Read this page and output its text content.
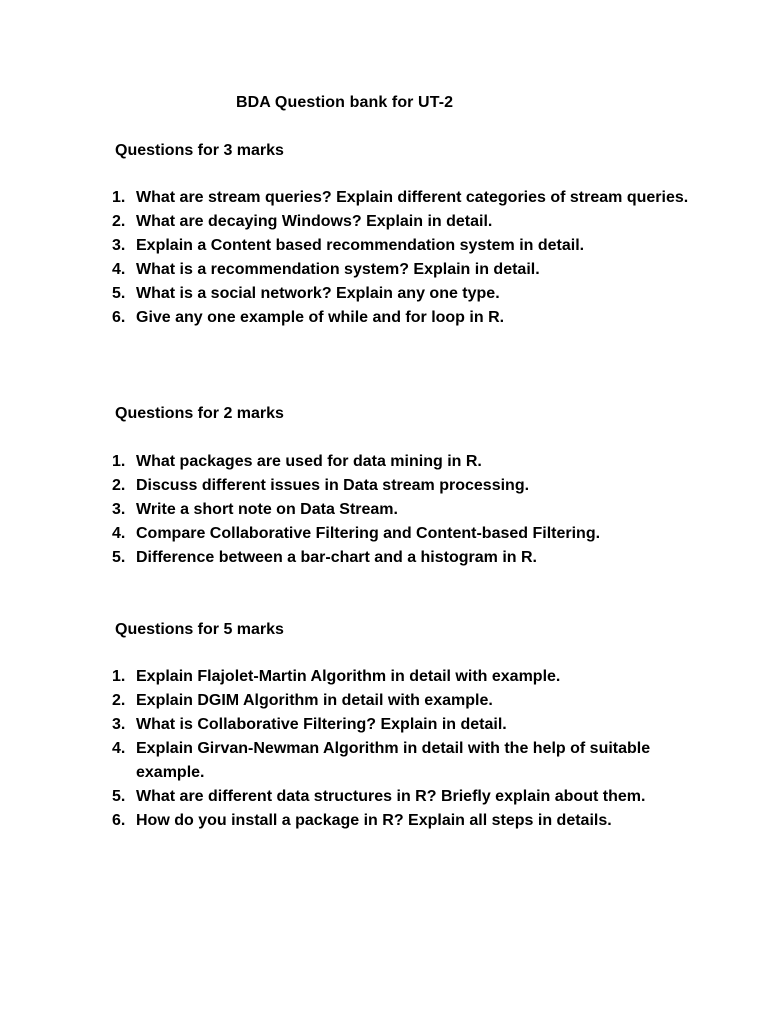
BDA Question bank for UT-2
Questions for 3 marks
1. What are stream queries? Explain different categories of stream queries.
2. What are decaying Windows? Explain in detail.
3. Explain a Content based recommendation system in detail.
4. What is a recommendation system? Explain in detail.
5. What is a social network? Explain any one type.
6. Give any one example of while and for loop in R.
Questions for 2 marks
1. What packages are used for data mining in R.
2. Discuss different issues in Data stream processing.
3. Write a short note on Data Stream.
4. Compare Collaborative Filtering and Content-based Filtering.
5. Difference between a bar-chart and a histogram in R.
Questions for 5 marks
1. Explain Flajolet-Martin Algorithm in detail with example.
2. Explain DGIM Algorithm in detail with example.
3. What is Collaborative Filtering? Explain in detail.
4. Explain Girvan-Newman Algorithm in detail with the help of suitable example.
5. What are different data structures in R? Briefly explain about them.
6. How do you install a package in R? Explain all steps in details.
